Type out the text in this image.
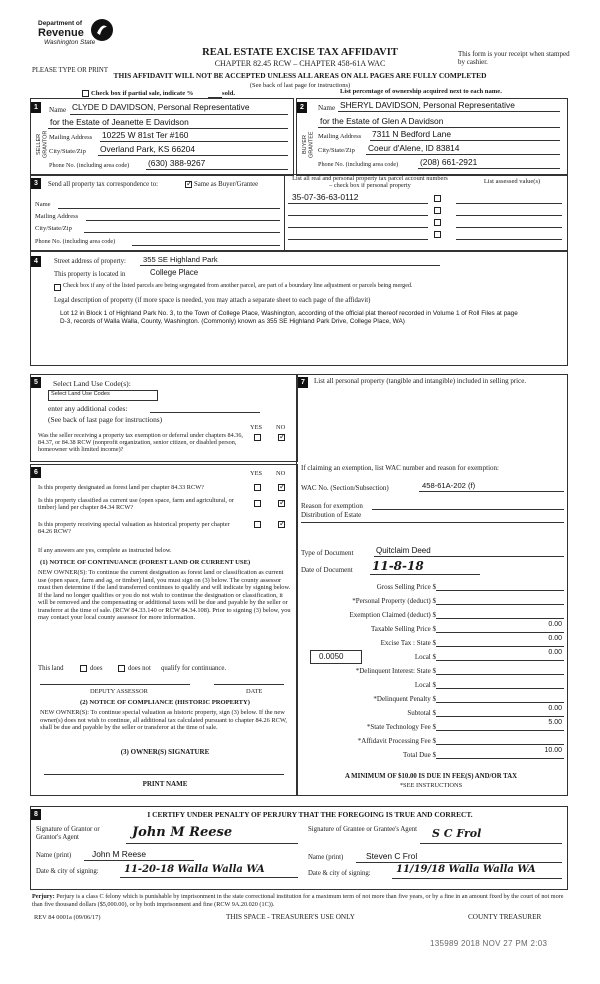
Department of
Revenue
Washington State
PLEASE TYPE OR PRINT
REAL ESTATE EXCISE TAX AFFIDAVIT
CHAPTER 82.45 RCW – CHAPTER 458-61A WAC
This form is your receipt when stamped by cashier.
THIS AFFIDAVIT WILL NOT BE ACCEPTED UNLESS ALL AREAS ON ALL PAGES ARE FULLY COMPLETED
(See back of last page for instructions)
Check box if partial sale, indicate %	sold.	List percentage of ownership acquired next to each name.
1
SELLER GRANTOR
Name CLYDE D DAVIDSON, Personal Representative
for the Estate of Jeanette E Davidson
Mailing Address 10225 W 81st Ter #160
City/State/Zip Overland Park, KS 66204
Phone No. (including area code) (630) 388-9267
2
BUYER GRANTEE
Name SHERYL DAVIDSON, Personal Representative
for the Estate of Glen A Davidson
Mailing Address 7311 N Bedford Lane
City/State/Zip Coeur d'Alene, ID 83814
Phone No. (including area code)	(208) 661-2921
3	Send all property tax correspondence to:
✓	Same as Buyer/Grantee
List all real and personal property tax parcel account numbers – check box if personal property
List assessed value(s)
Name
Mailing Address
City/State/Zip
Phone No. (including area code)
35-07-36-63-0112
4	Street address of property: 355 SE Highland Park
This property is located in	College Place
Check box if any of the listed parcels are being segregated from another parcel, are part of a boundary line adjustment or parcels being merged.
Legal description of property (if more space is needed, you may attach a separate sheet to each page of the affidavit)
Lot 12 in Block 1 of Highland Park No. 3, to the Town of College Place, Washington, according of the official plat thereof recorded in Volume 1 of Roll Files at page D-3, records of Walla Walla, County, Washington. (Commonly) known as 355 SE Highland Park Drive, College Place, WA)
5	Select Land Use Code(s):
Select Land Use Codes
enter any additional codes:
(See back of last page for instructions)
YES NO
Was the seller receiving a property tax exemption or deferral under chapters 84.36, 84.37, or 84.38 RCW (nonprofit organization, senior citizen, or disabled person, homeowner with limited income)?
✓
6	YES NO
Is this property designated as forest land per chapter 84.33 RCW?
✓
Is this property classified as current use (open space, farm and agricultural, or timber) land per chapter 84.34 RCW?
✓
Is this property receiving special valuation as historical property per chapter 84.26 RCW?
✓
If any answers are yes, complete as instructed below.
(1) NOTICE OF CONTINUANCE (FOREST LAND OR CURRENT USE)
NEW OWNER(S): To continue the current designation as forest land or classification as current use (open space, farm and ag, or timber) land, you must sign on (3) below. The county assessor must then determine if the land transferred continues to qualify and will indicate by signing below. If the land no longer qualifies or you do not wish to continue the designation or classification, it will be removed and the compensating or additional taxes will be due and payable by the seller or transferor at the time of sale. (RCW 84.33.140 or RCW 84.34.108). Prior to signing (3) below, you may contact your local county assessor for more information.
This land	does	does not qualify for continuance.
DEPUTY ASSESSOR	DATE
(2) NOTICE OF COMPLIANCE (HISTORIC PROPERTY)
NEW OWNER(S): To continue special valuation as historic property, sign (3) below. If the new owner(s) does not wish to continue, all additional tax calculated pursuant to chapter 84.26 RCW, shall be due and payable by the seller or transferor at the time of sale.
(3) OWNER(S) SIGNATURE
PRINT NAME
7	List all personal property (tangible and intangible) included in selling price.
If claiming an exemption, list WAC number and reason for exemption:
WAC No. (Section/Subsection)	458-61A-202 (f)
Reason for exemption
Distribution of Estate
Type of Document	Quitclaim Deed
Date of Document 11-8-18
Gross Selling Price $
*Personal Property (deduct) $
Exemption Claimed (deduct) $
Taxable Selling Price $
0.00
Excise Tax : State $
0.00
0.0050	Local $
0.00
*Delinquent Interest: State $
Local $
*Delinquent Penalty $
Subtotal $
0.00
*State Technology Fee $
5.00
*Affidavit Processing Fee $
Total Due $
10.00
A MINIMUM OF $10.00 IS DUE IN FEE(S) AND/OR TAX
*SEE INSTRUCTIONS
8	I CERTIFY UNDER PENALTY OF PERJURY THAT THE FOREGOING IS TRUE AND CORRECT.
Signature of Grantor or Grantor's Agent	John M Reese
Name (print) John M Reese
Date & city of signing:	11-20-18 Walla Walla WA
Signature of Grantee or Grantee's Agent S C Frol
Name (print)	Steven C Frol
Date & city of signing:	11/19/18 Walla Walla WA
Perjury: Perjury is a class C felony which is punishable by imprisonment in the state correctional institution for a maximum term of not more than five years, or by a fine in an amount fixed by the court of not more than five thousand dollars ($5,000.00), or by both imprisonment and fine (RCW 9A.20.020 (1C)).
REV 84 0001a (09/06/17)	THIS SPACE - TREASURER'S USE ONLY	COUNTY TREASURER
135989 2018 NOV 27 PM 2:03
